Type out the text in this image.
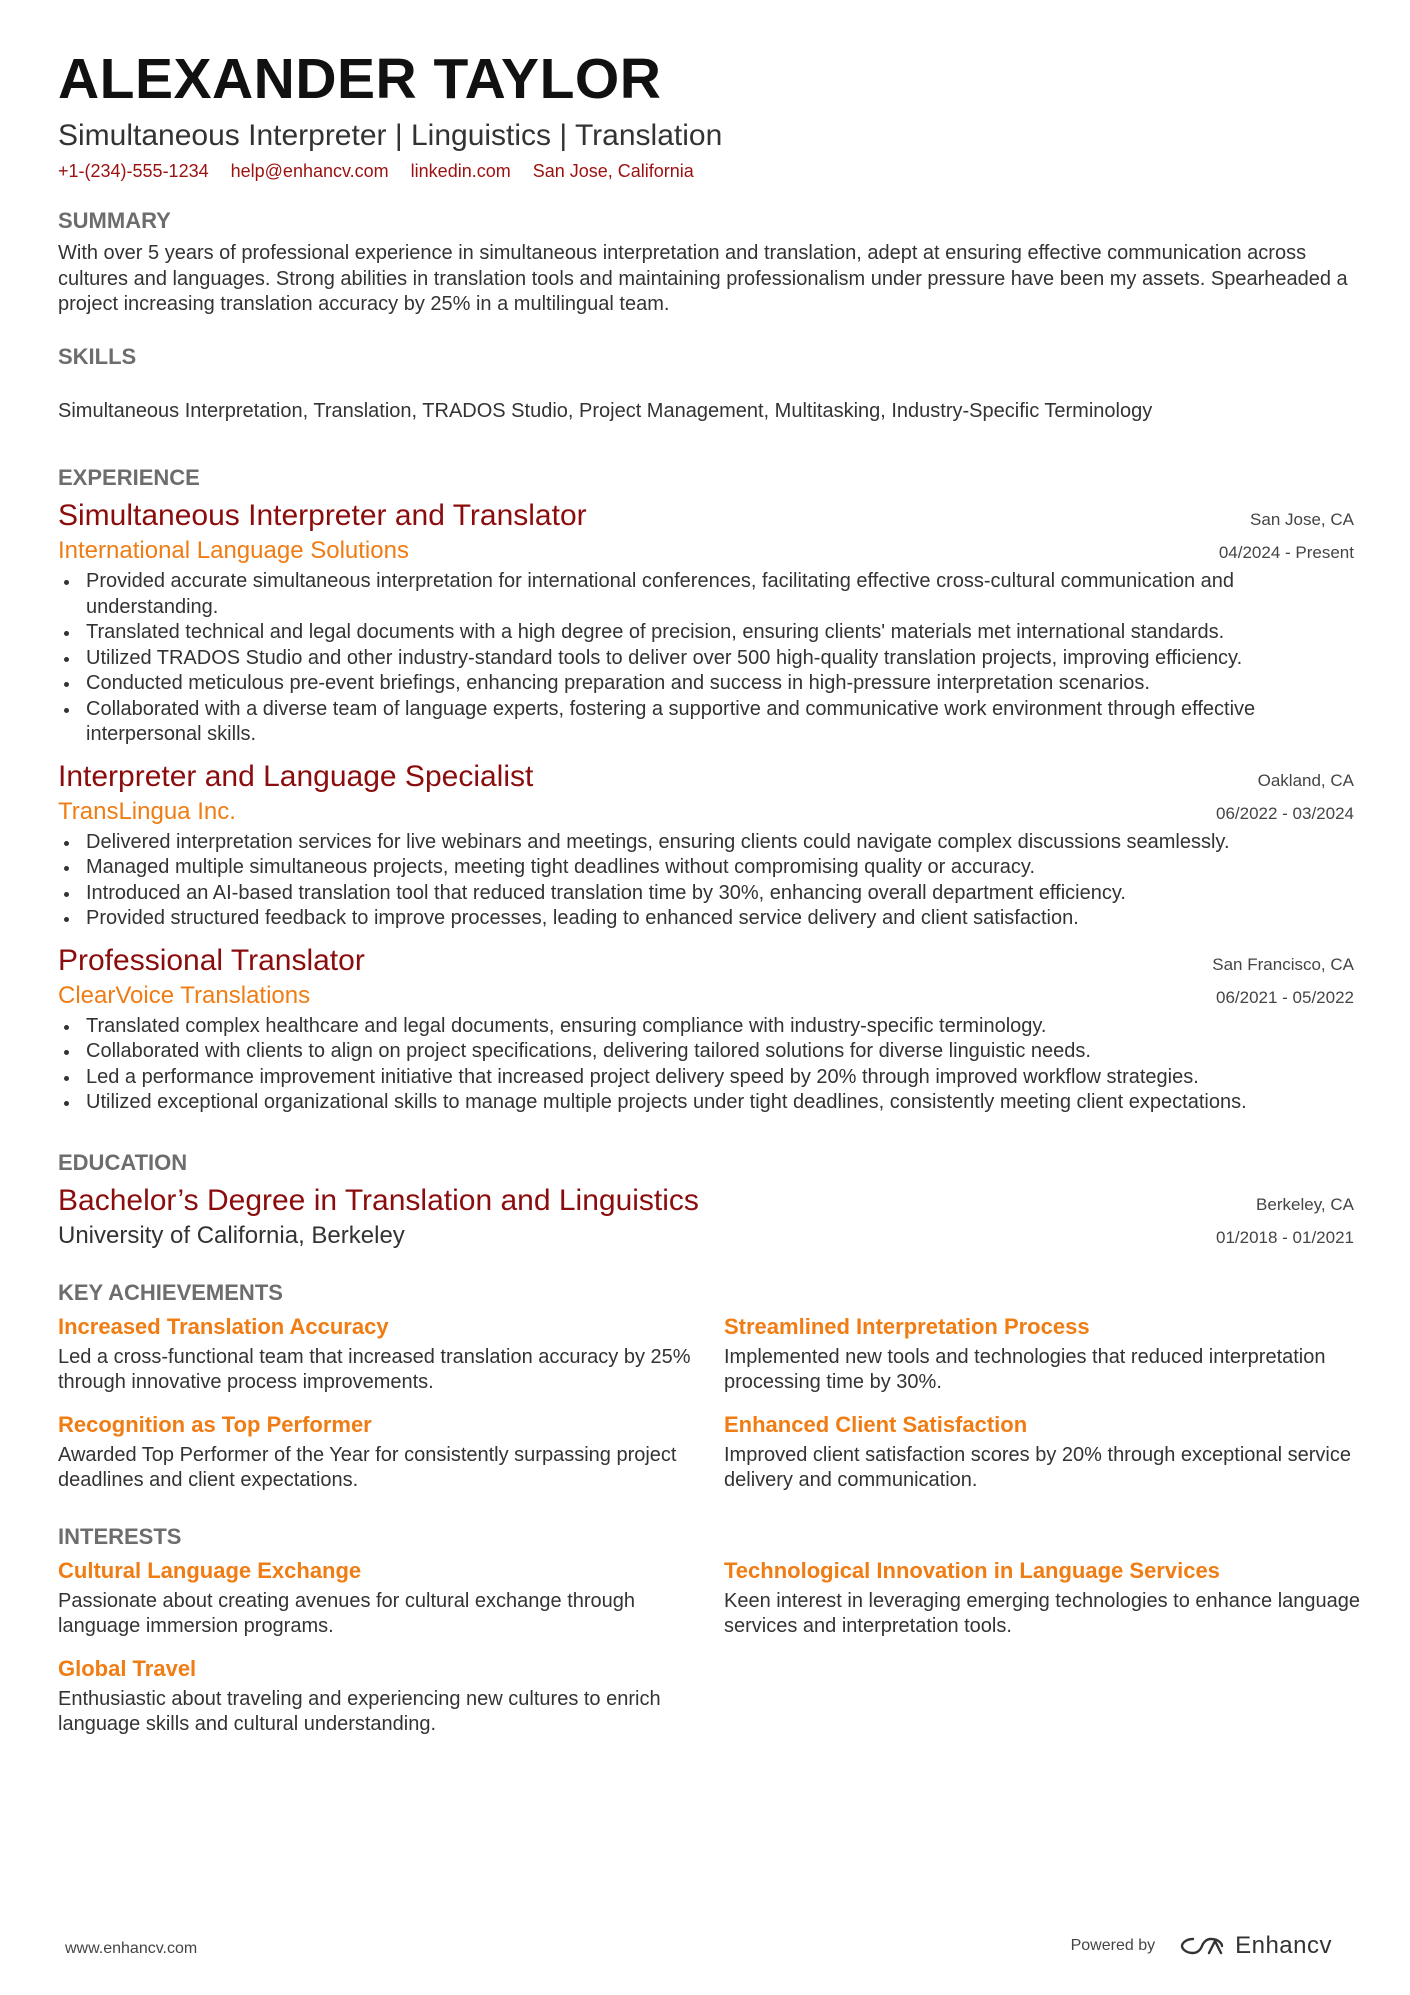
ALEXANDER TAYLOR
Simultaneous Interpreter | Linguistics | Translation
+1-(234)-555-1234 help@enhancv.com linkedin.com San Jose, California
SUMMARY
With over 5 years of professional experience in simultaneous interpretation and translation, adept at ensuring effective communication across cultures and languages. Strong abilities in translation tools and maintaining professionalism under pressure have been my assets. Spearheaded a project increasing translation accuracy by 25% in a multilingual team.
SKILLS
Simultaneous Interpretation, Translation, TRADOS Studio, Project Management, Multitasking, Industry-Specific Terminology
EXPERIENCE
Simultaneous Interpreter and Translator	San Jose, CA
International Language Solutions	04/2024 - Present
Provided accurate simultaneous interpretation for international conferences, facilitating effective cross-cultural communication and understanding.
Translated technical and legal documents with a high degree of precision, ensuring clients' materials met international standards.
Utilized TRADOS Studio and other industry-standard tools to deliver over 500 high-quality translation projects, improving efficiency.
Conducted meticulous pre-event briefings, enhancing preparation and success in high-pressure interpretation scenarios.
Collaborated with a diverse team of language experts, fostering a supportive and communicative work environment through effective interpersonal skills.
Interpreter and Language Specialist	Oakland, CA
TransLingua Inc.	06/2022 - 03/2024
Delivered interpretation services for live webinars and meetings, ensuring clients could navigate complex discussions seamlessly.
Managed multiple simultaneous projects, meeting tight deadlines without compromising quality or accuracy.
Introduced an AI-based translation tool that reduced translation time by 30%, enhancing overall department efficiency.
Provided structured feedback to improve processes, leading to enhanced service delivery and client satisfaction.
Professional Translator	San Francisco, CA
ClearVoice Translations	06/2021 - 05/2022
Translated complex healthcare and legal documents, ensuring compliance with industry-specific terminology.
Collaborated with clients to align on project specifications, delivering tailored solutions for diverse linguistic needs.
Led a performance improvement initiative that increased project delivery speed by 20% through improved workflow strategies.
Utilized exceptional organizational skills to manage multiple projects under tight deadlines, consistently meeting client expectations.
EDUCATION
Bachelor’s Degree in Translation and Linguistics	Berkeley, CA
University of California, Berkeley	01/2018 - 01/2021
KEY ACHIEVEMENTS
Increased Translation Accuracy
Led a cross-functional team that increased translation accuracy by 25% through innovative process improvements.
Streamlined Interpretation Process
Implemented new tools and technologies that reduced interpretation processing time by 30%.
Recognition as Top Performer
Awarded Top Performer of the Year for consistently surpassing project deadlines and client expectations.
Enhanced Client Satisfaction
Improved client satisfaction scores by 20% through exceptional service delivery and communication.
INTERESTS
Cultural Language Exchange
Passionate about creating avenues for cultural exchange through language immersion programs.
Technological Innovation in Language Services
Keen interest in leveraging emerging technologies to enhance language services and interpretation tools.
Global Travel
Enthusiastic about traveling and experiencing new cultures to enrich language skills and cultural understanding.
www.enhancv.com	Powered by	Enhancv
